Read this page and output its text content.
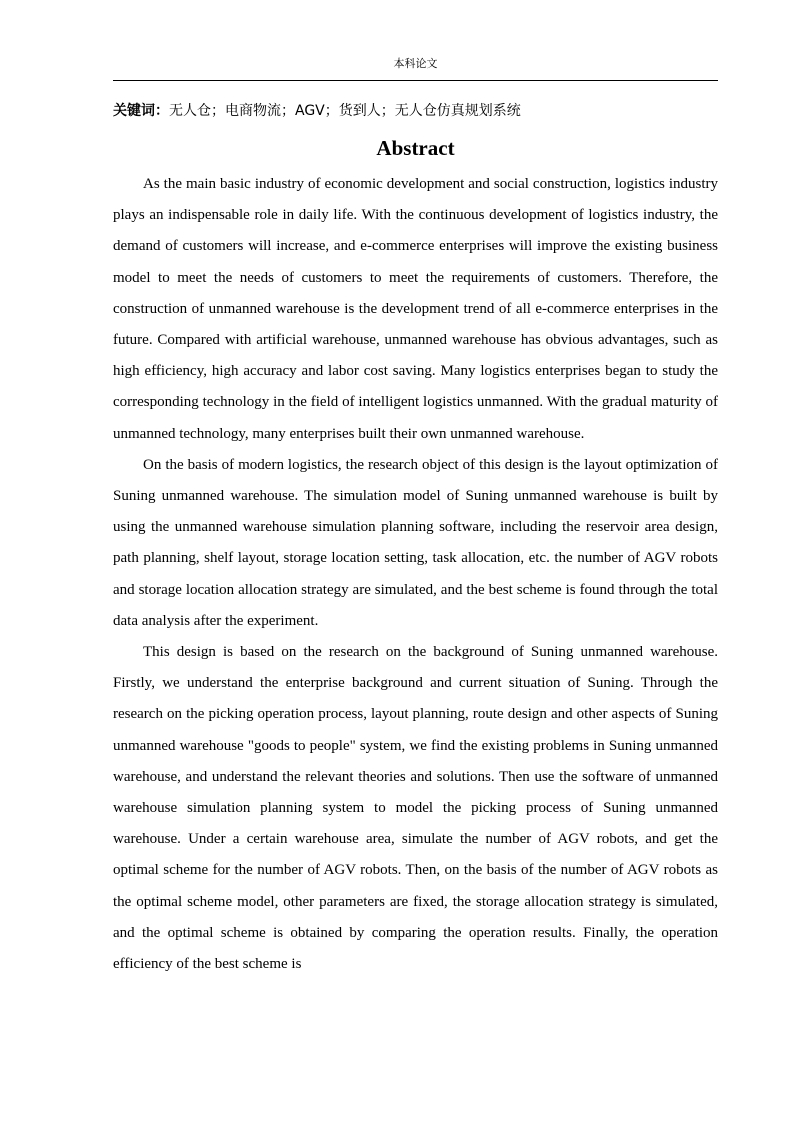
本科论文
关键词：无人仓；电商物流；AGV；货到人；无人仓仿真规划系统
Abstract

As the main basic industry of economic development and social construction, logistics industry plays an indispensable role in daily life. With the continuous development of logistics industry, the demand of customers will increase, and e-commerce enterprises will improve the existing business model to meet the needs of customers to meet the requirements of customers. Therefore, the construction of unmanned warehouse is the development trend of all e-commerce enterprises in the future. Compared with artificial warehouse, unmanned warehouse has obvious advantages, such as high efficiency, high accuracy and labor cost saving. Many logistics enterprises began to study the corresponding technology in the field of intelligent logistics unmanned. With the gradual maturity of unmanned technology, many enterprises built their own unmanned warehouse.

On the basis of modern logistics, the research object of this design is the layout optimization of Suning unmanned warehouse. The simulation model of Suning unmanned warehouse is built by using the unmanned warehouse simulation planning software, including the reservoir area design, path planning, shelf layout, storage location setting, task allocation, etc. the number of AGV robots and storage location allocation strategy are simulated, and the best scheme is found through the total data analysis after the experiment.

This design is based on the research on the background of Suning unmanned warehouse. Firstly, we understand the enterprise background and current situation of Suning. Through the research on the picking operation process, layout planning, route design and other aspects of Suning unmanned warehouse "goods to people" system, we find the existing problems in Suning unmanned warehouse, and understand the relevant theories and solutions. Then use the software of unmanned warehouse simulation planning system to model the picking process of Suning unmanned warehouse. Under a certain warehouse area, simulate the number of AGV robots, and get the optimal scheme for the number of AGV robots. Then, on the basis of the number of AGV robots as the optimal scheme model, other parameters are fixed, the storage allocation strategy is simulated, and the optimal scheme is obtained by comparing the operation results. Finally, the operation efficiency of the best scheme is
